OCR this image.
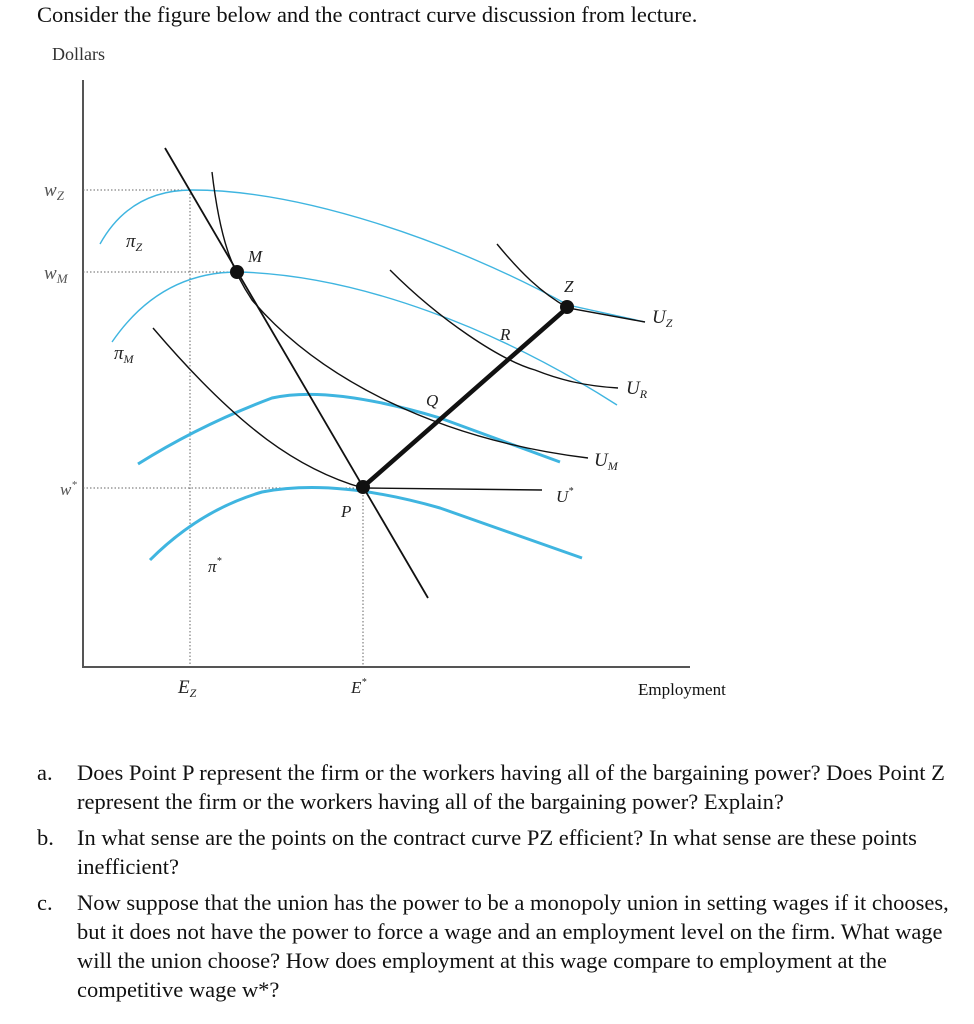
Consider the figure below and the contract curve discussion from lecture.

Dollars
Employment
$w_Z$
$w_M$
w*
$E_Z$	E*
M
Z
R
Q
P
$\pi_Z$
$\pi_M$
π*
$U_Z$
$U_R$
$U_M$
U*
a. Does Point P represent the firm or the workers having all of the bargaining power? Does Point Z represent the firm or the workers having all of the bargaining power? Explain?
b. In what sense are the points on the contract curve PZ efficient? In what sense are these points inefficient?
c. Now suppose that the union has the power to be a monopoly union in setting wages if it chooses, but it does not have the power to force a wage and an employment level on the firm. What wage will the union choose? How does employment at this wage compare to employment at the competitive wage w*?
